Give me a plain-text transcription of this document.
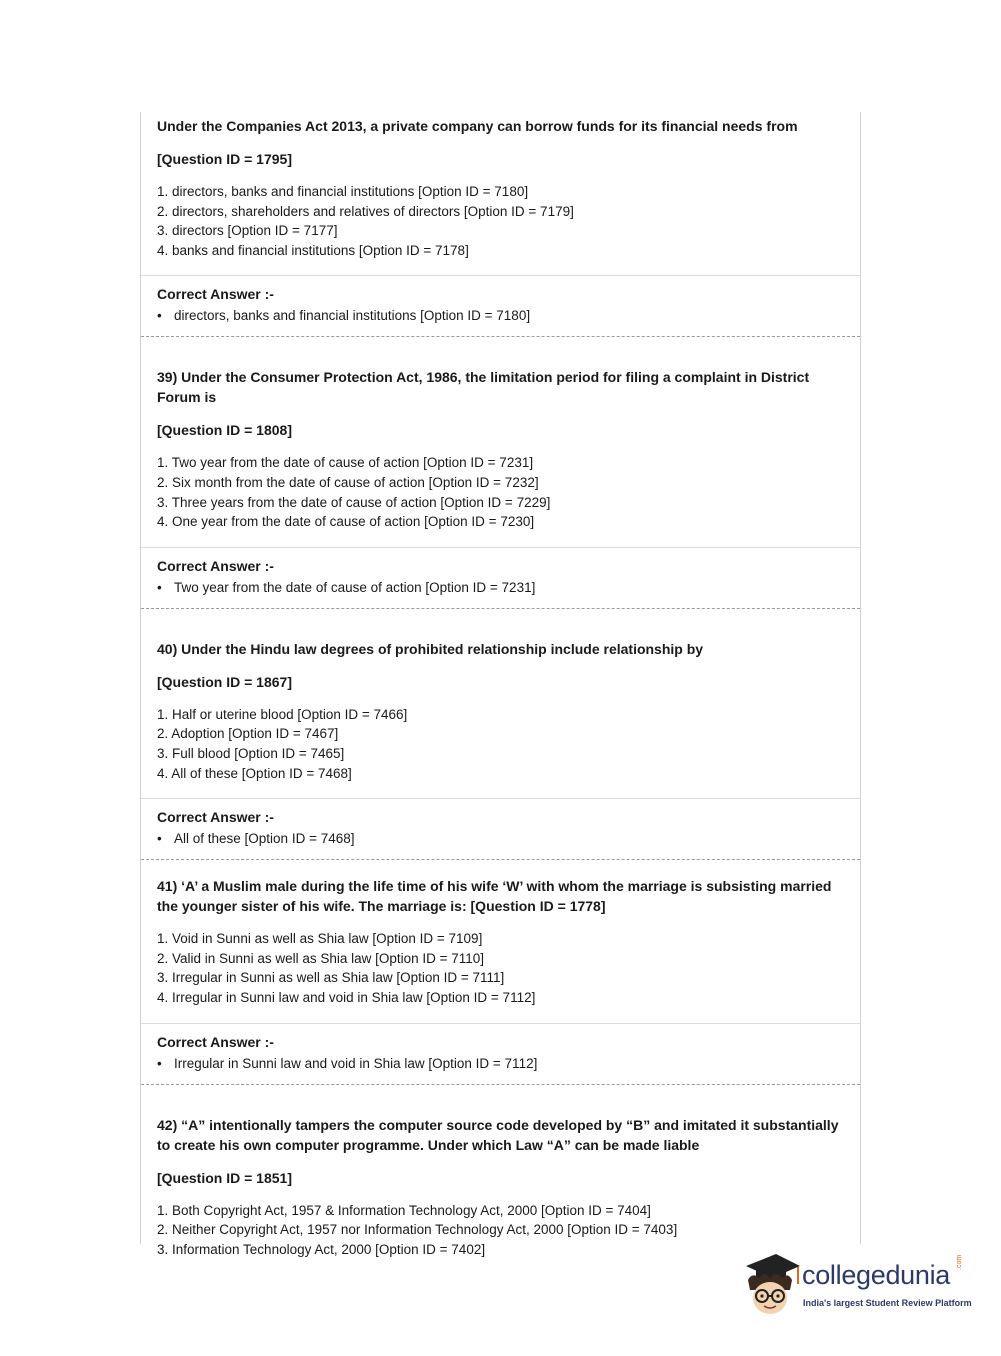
Under the Companies Act 2013, a private company can borrow funds for its financial needs from

[Question ID = 1795]

1. directors, banks and financial institutions [Option ID = 7180]
2. directors, shareholders and relatives of directors [Option ID = 7179]
3. directors [Option ID = 7177]
4. banks and financial institutions [Option ID = 7178]

Correct Answer :-

• directors, banks and financial institutions [Option ID = 7180]

39) Under the Consumer Protection Act, 1986, the limitation period for filing a complaint in District Forum is

[Question ID = 1808]

1. Two year from the date of cause of action [Option ID = 7231]
2. Six month from the date of cause of action [Option ID = 7232]
3. Three years from the date of cause of action [Option ID = 7229]
4. One year from the date of cause of action [Option ID = 7230]

Correct Answer :-

• Two year from the date of cause of action [Option ID = 7231]

40) Under the Hindu law degrees of prohibited relationship include relationship by

[Question ID = 1867]

1. Half or uterine blood [Option ID = 7466]
2. Adoption [Option ID = 7467]
3. Full blood [Option ID = 7465]
4. All of these [Option ID = 7468]

Correct Answer :-

• All of these [Option ID = 7468]

41) ‘A’ a Muslim male during the life time of his wife ‘W’ with whom the marriage is subsisting married the younger sister of his wife. The marriage is: [Question ID = 1778]

1. Void in Sunni as well as Shia law [Option ID = 7109]
2. Valid in Sunni as well as Shia law [Option ID = 7110]
3. Irregular in Sunni as well as Shia law [Option ID = 7111]
4. Irregular in Sunni law and void in Shia law [Option ID = 7112]

Correct Answer :-

• Irregular in Sunni law and void in Shia law [Option ID = 7112]

42) “A” intentionally tampers the computer source code developed by “B” and imitated it substantially to create his own computer programme. Under which Law “A” can be made liable

[Question ID = 1851]

1. Both Copyright Act, 1957 & Information Technology Act, 2000 [Option ID = 7404]
2. Neither Copyright Act, 1957 nor Information Technology Act, 2000 [Option ID = 7403]
3. Information Technology Act, 2000 [Option ID = 7402]
collegedunia
India's largest Student Review Platform
.com
